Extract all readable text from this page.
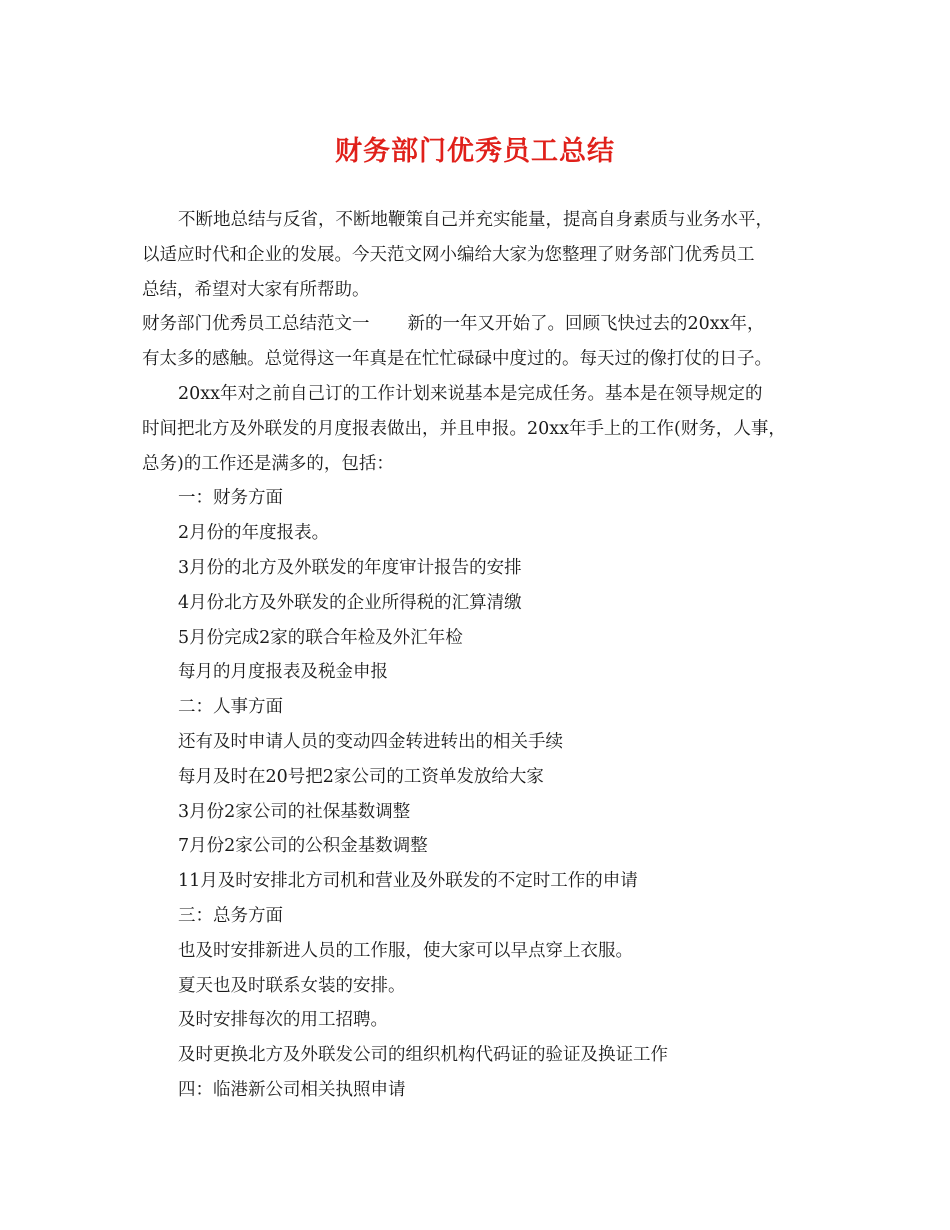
财务部门优秀员工总结
不断地总结与反省，不断地鞭策自己并充实能量，提高自身素质与业务水平，
以适应时代和企业的发展。今天范文网小编给大家为您整理了财务部门优秀员工
总结，希望对大家有所帮助。
财务部门优秀员工总结范文一 新的一年又开始了。回顾飞快过去的20xx年，
有太多的感触。总觉得这一年真是在忙忙碌碌中度过的。每天过的像打仗的日子。
20xx年对之前自己订的工作计划来说基本是完成任务。基本是在领导规定的
时间把北方及外联发的月度报表做出，并且申报。20xx年手上的工作(财务，人事，
总务)的工作还是满多的，包括：
一：财务方面
2月份的年度报表。
3月份的北方及外联发的年度审计报告的安排
4月份北方及外联发的企业所得税的汇算清缴
5月份完成2家的联合年检及外汇年检
每月的月度报表及税金申报
二：人事方面
还有及时申请人员的变动四金转进转出的相关手续
每月及时在20号把2家公司的工资单发放给大家
3月份2家公司的社保基数调整
7月份2家公司的公积金基数调整
11月及时安排北方司机和营业及外联发的不定时工作的申请
三：总务方面
也及时安排新进人员的工作服，使大家可以早点穿上衣服。
夏天也及时联系女装的安排。
及时安排每次的用工招聘。
及时更换北方及外联发公司的组织机构代码证的验证及换证工作
四：临港新公司相关执照申请
